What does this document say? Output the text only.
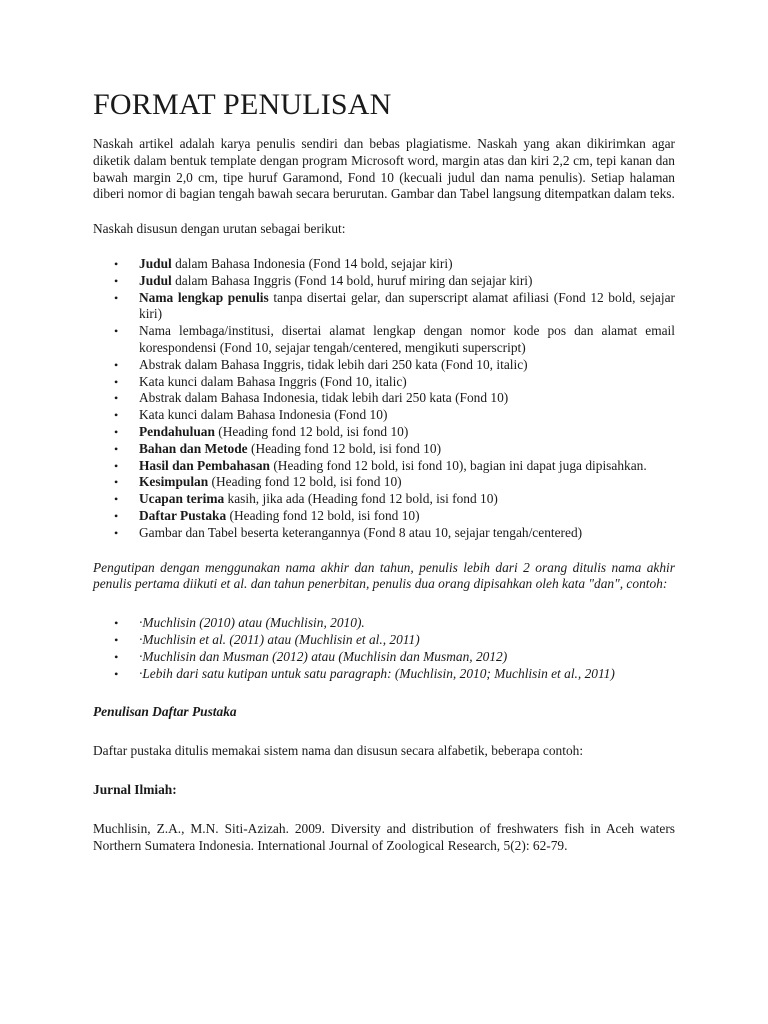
FORMAT PENULISAN

Naskah artikel adalah karya penulis sendiri dan bebas plagiatisme. Naskah yang akan dikirimkan agar diketik dalam bentuk template dengan program Microsoft word, margin atas dan kiri 2,2 cm, tepi kanan dan bawah margin 2,0 cm, tipe huruf Garamond, Fond 10 (kecuali judul dan nama penulis). Setiap halaman diberi nomor di bagian tengah bawah secara berurutan. Gambar dan Tabel langsung ditempatkan dalam teks.

Naskah disusun dengan urutan sebagai berikut:

• Judul dalam Bahasa Indonesia (Fond 14 bold, sejajar kiri)
• Judul dalam Bahasa Inggris (Fond 14 bold, huruf miring dan sejajar kiri)
• Nama lengkap penulis tanpa disertai gelar, dan superscript alamat afiliasi (Fond 12 bold, sejajar kiri)
• Nama lembaga/institusi, disertai alamat lengkap dengan nomor kode pos dan alamat email korespondensi (Fond 10, sejajar tengah/centered, mengikuti superscript)
• Abstrak dalam Bahasa Inggris, tidak lebih dari 250 kata (Fond 10, italic)
• Kata kunci dalam Bahasa Inggris (Fond 10, italic)
• Abstrak dalam Bahasa Indonesia, tidak lebih dari 250 kata (Fond 10)
• Kata kunci dalam Bahasa Indonesia (Fond 10)
• Pendahuluan (Heading fond 12 bold, isi fond 10)
• Bahan dan Metode (Heading fond 12 bold, isi fond 10)
• Hasil dan Pembahasan (Heading fond 12 bold, isi fond 10), bagian ini dapat juga dipisahkan.
• Kesimpulan (Heading fond 12 bold, isi fond 10)
• Ucapan terima kasih, jika ada (Heading fond 12 bold, isi fond 10)
• Daftar Pustaka (Heading fond 12 bold, isi fond 10)
• Gambar dan Tabel beserta keterangannya (Fond 8 atau 10, sejajar tengah/centered)

Pengutipan dengan menggunakan nama akhir dan tahun, penulis lebih dari 2 orang ditulis nama akhir penulis pertama diikuti et al. dan tahun penerbitan, penulis dua orang dipisahkan oleh kata "dan", contoh:

• ·Muchlisin (2010) atau (Muchlisin, 2010).
• ·Muchlisin et al. (2011) atau (Muchlisin et al., 2011)
• ·Muchlisin dan Musman (2012) atau (Muchlisin dan Musman, 2012)
• ·Lebih dari satu kutipan untuk satu paragraph: (Muchlisin, 2010; Muchlisin et al., 2011)

Penulisan Daftar Pustaka

Daftar pustaka ditulis memakai sistem nama dan disusun secara alfabetik, beberapa contoh:

Jurnal Ilmiah:

Muchlisin, Z.A., M.N. Siti-Azizah. 2009. Diversity and distribution of freshwaters fish in Aceh waters Northern Sumatera Indonesia. International Journal of Zoological Research, 5(2): 62-79.
